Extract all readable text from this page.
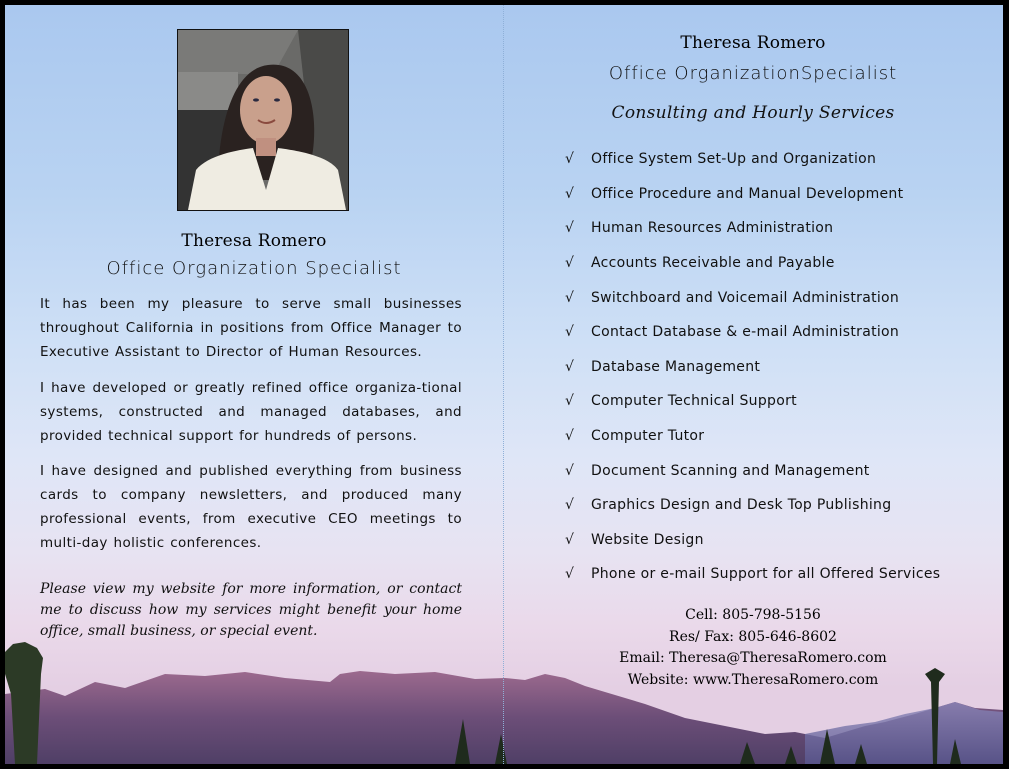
Theresa Romero
Office Organization Specialist
It has been my pleasure to serve small businesses throughout California in positions from Office Manager to Executive Assistant to Director of Human Resources.
I have developed or greatly refined office organiza-tional systems, constructed and managed databases, and provided technical support for hundreds of persons.
I have designed and published everything from business cards to company newsletters, and produced many professional events, from executive CEO meetings to multi-day holistic conferences.
Please view my website for more information, or contact me to discuss how my services might benefit your home office, small business, or special event.
Theresa Romero
Office OrganizationSpecialist
Consulting and Hourly Services
√	Office System Set-Up and Organization
√	Office Procedure and Manual Development
√	Human Resources Administration
√	Accounts Receivable and Payable
√	Switchboard and Voicemail Administration
√	Contact Database & e-mail Administration
√	Database Management
√	Computer Technical Support
√	Computer Tutor
√	Document Scanning and Management
√	Graphics Design and Desk Top Publishing
√	Website Design
√	Phone or e-mail Support for all Offered Services
Cell: 805-798-5156
Res/ Fax: 805-646-8602
Email: Theresa@TheresaRomero.com
Website: www.TheresaRomero.com
